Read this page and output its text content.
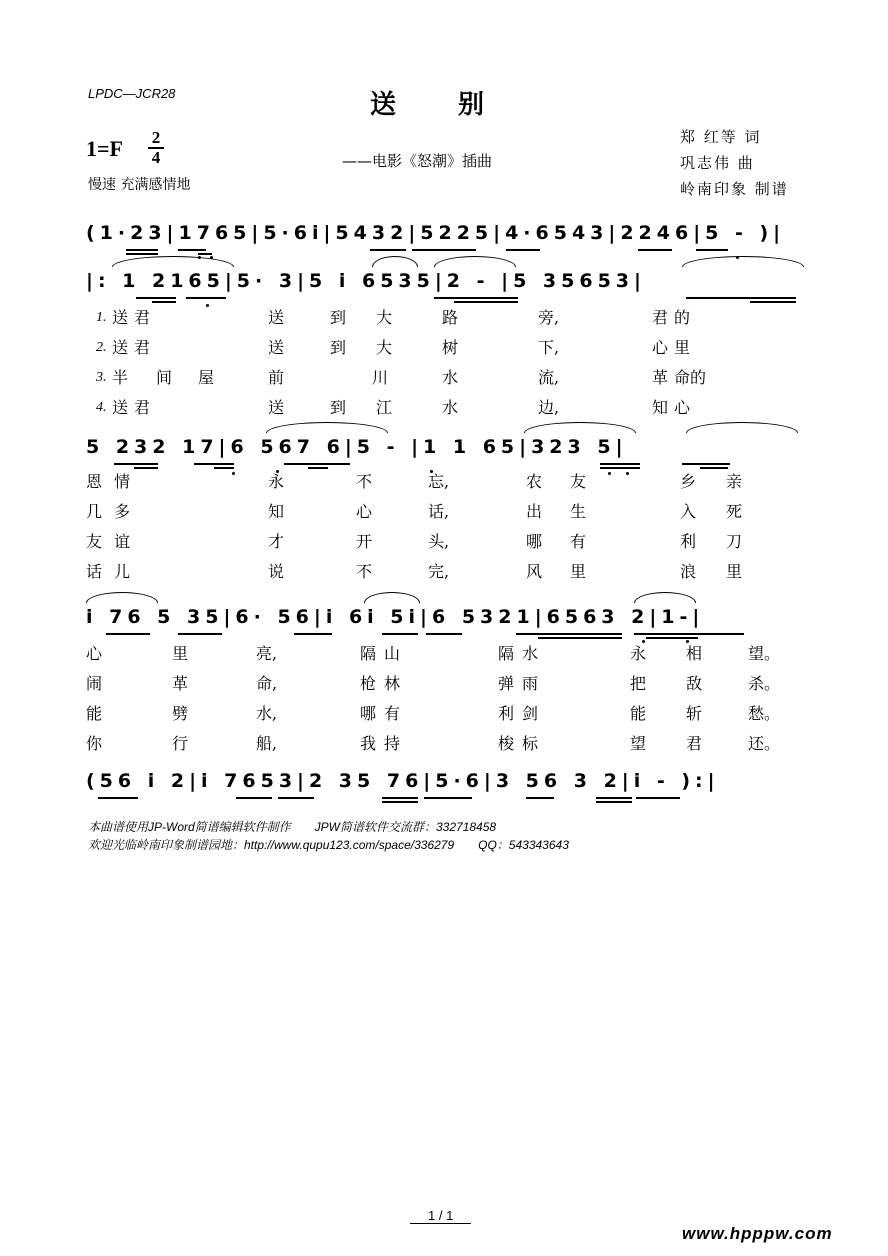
LPDC—JCR28	送别
1=F 2
4
慢速 充满感情地
——电影《怒潮》插曲
郑 红等 词
巩志伟 曲
岭南印象 制谱
(1·23|1765|5·6i|5432|5225|4·6543|2246|5 - )|
|: 1 2165|5· 3|5 i 6535|2 - |5 35653|
1. 送 君	送	到 大	路	旁,	君 的
2. 送 君	送	到 大	树	下,	心 里
3. 半 间 屋	前	川	水	流,	革 命的
4. 送 君	送	到 江	水	边,	知 心
5 232 17|6 567 6|5 - |1 1 65|323 5|
恩 情	永	不	忘,	农 友	乡 亲
几 多	知	心	话,	出 生	入 死
友 谊	才	开	头,	哪 有	利 刀
话 儿	说	不	完,	风 里	浪 里
i 76 5 35|6· 56|i 6i 5i|6 5321|6563 2|1-|
心	里	亮,	隔 山	隔 水	永 相	望。
闹	革	命,	枪 林	弹 雨	把 敌	杀。
能	劈	水,	哪 有	利 剑	能 斩	愁。
你	行	船,	我 持	梭 标	望 君	还。
(56 i 2|i 7653|2 35 76|5·6|3 56 3 2|i - ):|
本曲谱使用JP-Word简谱编辑软件制作　　JPW简谱软件交流群：332718458
欢迎光临岭南印象制谱园地：http://www.qupu123.com/space/336279　　QQ：543343643
1 / 1
www.hpppw.com
